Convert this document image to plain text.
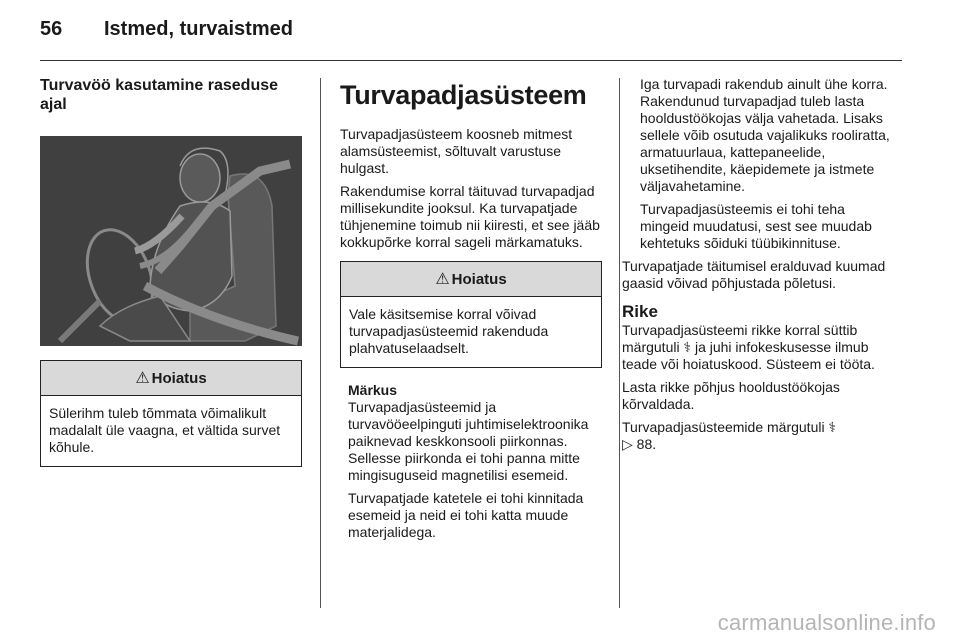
56	Istmed, turvaistmed
Turvavöö kasutamine raseduse ajal
⚠ Hoiatus
Sülerihm tuleb tõmmata võimalikult madalalt üle vaagna, et vältida survet kõhule.
Turvapadjasüsteem

Turvapadjasüsteem koosneb mitmest alamsüsteemist, sõltuvalt varustuse hulgast.

Rakendumise korral täituvad turvapadjad millisekundite jooksul. Ka turvapatjade tühjenemine toimub nii kiiresti, et see jääb kokkupõrke korral sageli märkamatuks.

⚠ Hoiatus
Vale käsitsemise korral võivad turvapadjasüsteemid rakenduda plahvatuselaadselt.
Märkus

Turvapadjasüsteemid ja turvavööeelpinguti juhtimiselektroonika paiknevad keskkonsooli piirkonnas. Sellesse piirkonda ei tohi panna mitte mingisuguseid magnetilisi esemeid.

Turvapatjade katetele ei tohi kinnitada esemeid ja neid ei tohi katta muude materjalidega.

Iga turvapadi rakendub ainult ühe korra. Rakendunud turvapadjad tuleb lasta hooldustöökojas välja vahetada. Lisaks sellele võib osutuda vajalikuks rooliratta, armatuurlaua, kattepaneelide, uksetihendite, käepidemete ja istmete väljavahetamine.

Turvapadjasüsteemis ei tohi teha mingeid muudatusi, sest see muudab kehtetuks sõiduki tüübikinnituse.

Turvapatjade täitumisel eralduvad kuumad gaasid võivad põhjustada põletusi.

Rike

Turvapadjasüsteemi rikke korral süttib märgutuli ⚕ ja juhi infokeskusesse ilmub teade või hoiatuskood. Süsteem ei tööta.

Lasta rikke põhjus hooldustöökojas kõrvaldada.

Turvapadjasüsteemide märgutuli ⚕
▷ 88.

carmanualsonline.info
